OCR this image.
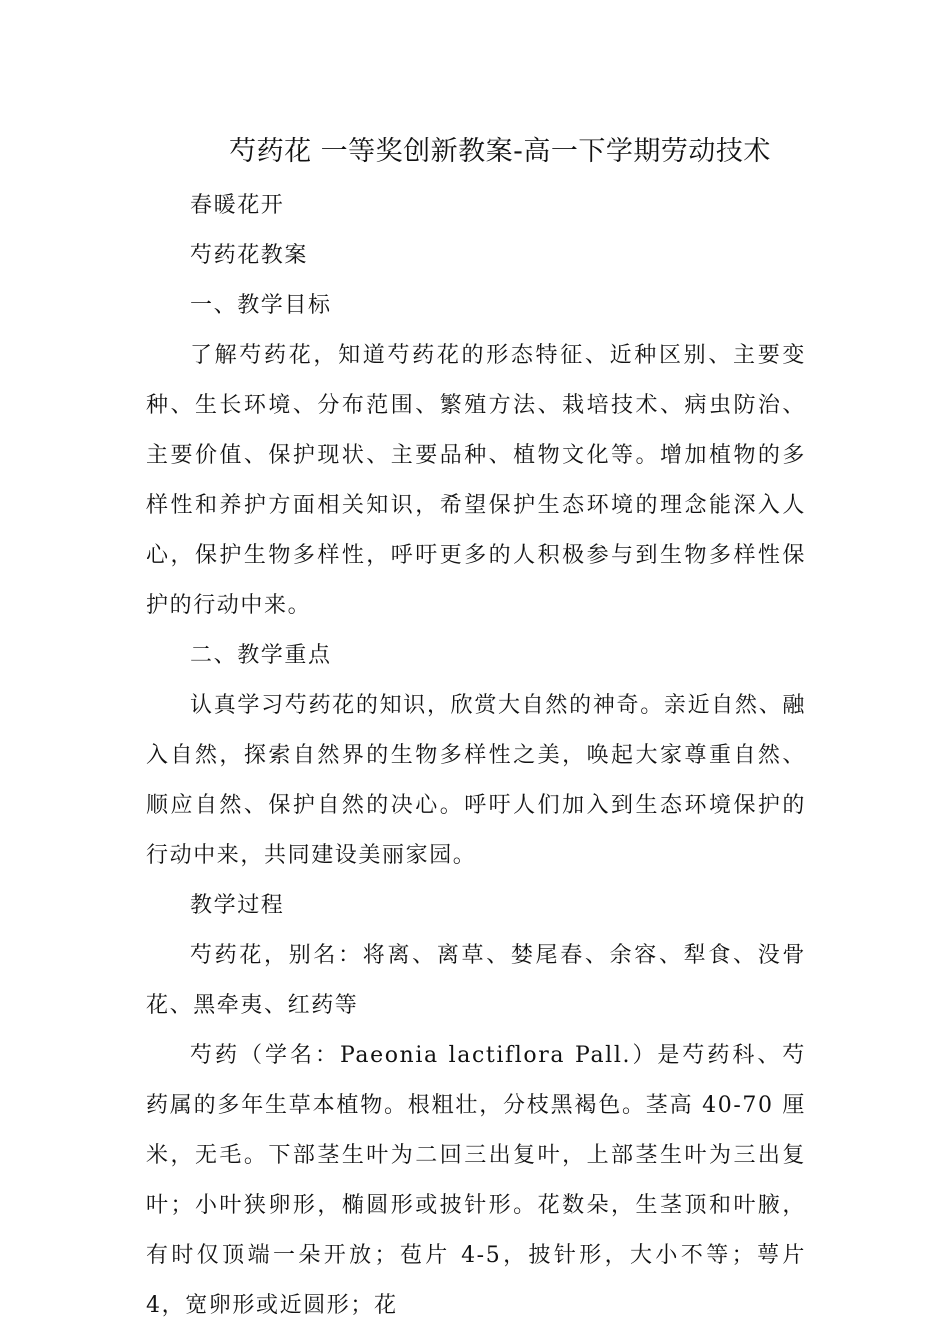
芍药花 一等奖创新教案-高一下学期劳动技术

春暖花开

芍药花教案

一、教学目标

了解芍药花，知道芍药花的形态特征、近种区别、主要变种、生长环境、分布范围、繁殖方法、栽培技术、病虫防治、主要价值、保护现状、主要品种、植物文化等。增加植物的多样性和养护方面相关知识，希望保护生态环境的理念能深入人心，保护生物多样性，呼吁更多的人积极参与到生物多样性保护的行动中来。

二、教学重点

认真学习芍药花的知识，欣赏大自然的神奇。亲近自然、融入自然，探索自然界的生物多样性之美，唤起大家尊重自然、顺应自然、保护自然的决心。呼吁人们加入到生态环境保护的行动中来，共同建设美丽家园。

教学过程

芍药花，别名：将离、离草、婪尾春、余容、犁食、没骨花、黑牵夷、红药等

芍药（学名：Paeonia lactiflora Pall.）是芍药科、芍药属的多年生草本植物。根粗壮，分枝黑褐色。茎高 40-70 厘米，无毛。下部茎生叶为二回三出复叶，上部茎生叶为三出复叶；小叶狭卵形，椭圆形或披针形。花数朵，生茎顶和叶腋，有时仅顶端一朵开放；苞片 4-5，披针形，大小不等；萼片 4，宽卵形或近圆形；花
